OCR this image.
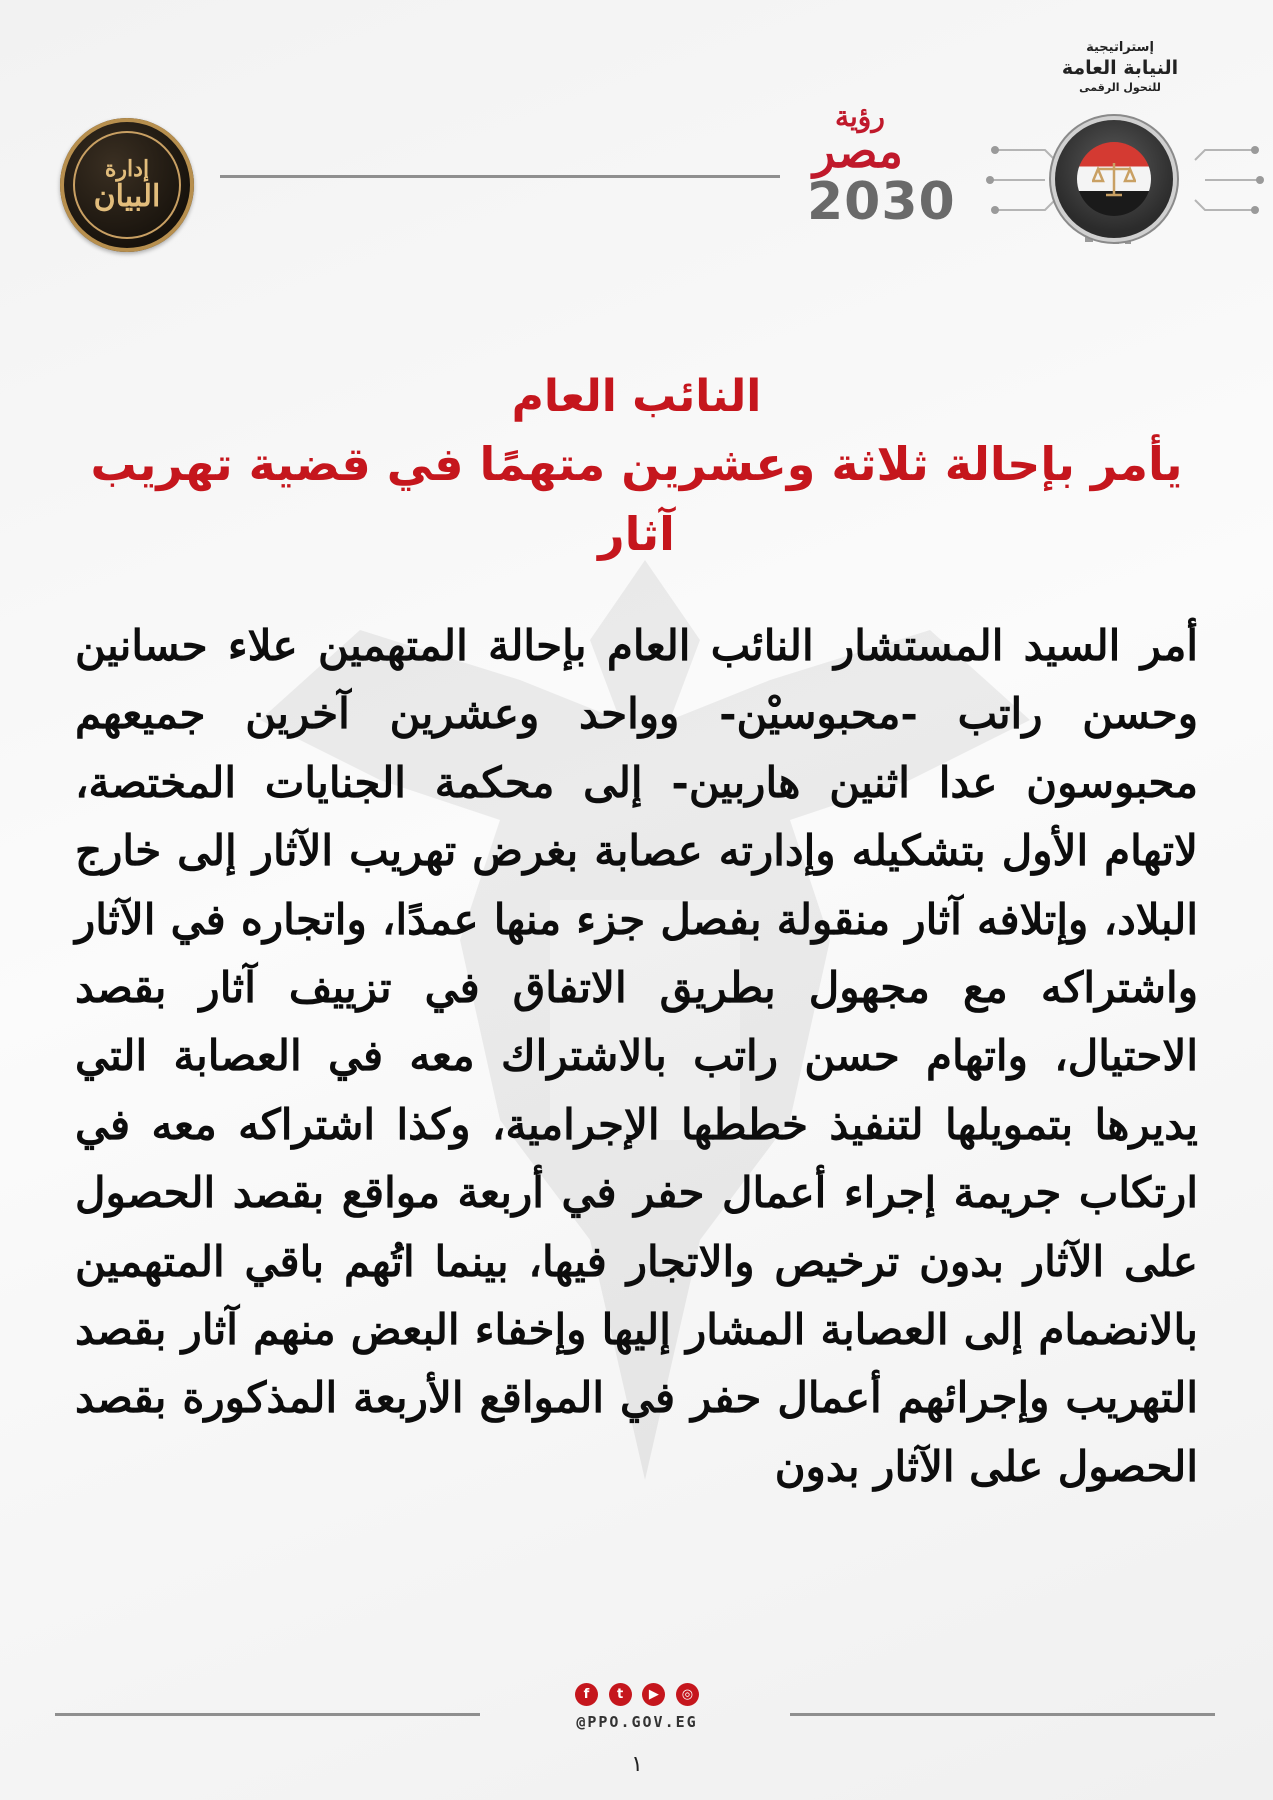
إدارة
البيان
رؤية
مصر
2030
إستراتيجية
النيابة العامة
للتحول الرقمى
النائب العام
يأمر بإحالة ثلاثة وعشرين متهمًا في قضية تهريب آثار
أمر السيد المستشار النائب العام بإحالة المتهمين علاء حسانين وحسن راتب -محبوسيْن- وواحد وعشرين آخرين جميعهم محبوسون عدا اثنين هاربين- إلى محكمة الجنايات المختصة، لاتهام الأول بتشكيله وإدارته عصابة بغرض تهريب الآثار إلى خارج البلاد، وإتلافه آثار منقولة بفصل جزء منها عمدًا، واتجاره في الآثار واشتراكه مع مجهول بطريق الاتفاق في تزييف آثار بقصد الاحتيال، واتهام حسن راتب بالاشتراك معه في العصابة التي يديرها بتمويلها لتنفيذ خططها الإجرامية، وكذا اشتراكه معه في ارتكاب جريمة إجراء أعمال حفر في أربعة مواقع بقصد الحصول على الآثار بدون ترخيص والاتجار فيها، بينما اتُهم باقي المتهمين بالانضمام إلى العصابة المشار إليها وإخفاء البعض منهم آثار بقصد التهريب وإجرائهم أعمال حفر في المواقع الأربعة المذكورة بقصد الحصول على الآثار بدون
f	t	▶	◎
@PPO.GOV.EG
١
